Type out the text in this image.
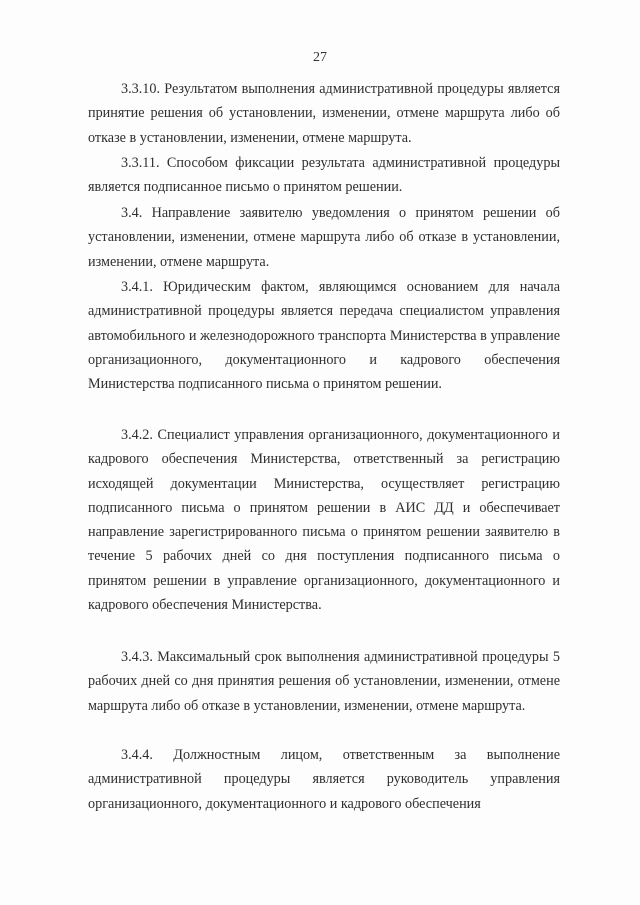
27

3.3.10. Результатом выполнения административной процедуры является принятие решения об установлении, изменении, отмене маршрута либо об отказе в установлении, изменении, отмене маршрута.

3.3.11. Способом фиксации результата административной процедуры является подписанное письмо о принятом решении.

3.4. Направление заявителю уведомления о принятом решении об установлении, изменении, отмене маршрута либо об отказе в установлении, изменении, отмене маршрута.

3.4.1. Юридическим фактом, являющимся основанием для начала административной процедуры является передача специалистом управления автомобильного и железнодорожного транспорта Министерства в управление организационного, документационного и кадрового обеспечения Министерства подписанного письма о принятом решении.

3.4.2. Специалист управления организационного, документационного и кадрового обеспечения Министерства, ответственный за регистрацию исходящей документации Министерства, осуществляет регистрацию подписанного письма о принятом решении в АИС ДД и обеспечивает направление зарегистрированного письма о принятом решении заявителю в течение 5 рабочих дней со дня поступления подписанного письма о принятом решении в управление организационного, документационного и кадрового обеспечения Министерства.

3.4.3. Максимальный срок выполнения административной процедуры 5 рабочих дней со дня принятия решения об установлении, изменении, отмене маршрута либо об отказе в установлении, изменении, отмене маршрута.

3.4.4. Должностным лицом, ответственным за выполнение административной процедуры является руководитель управления организационного, документационного и кадрового обеспечения
